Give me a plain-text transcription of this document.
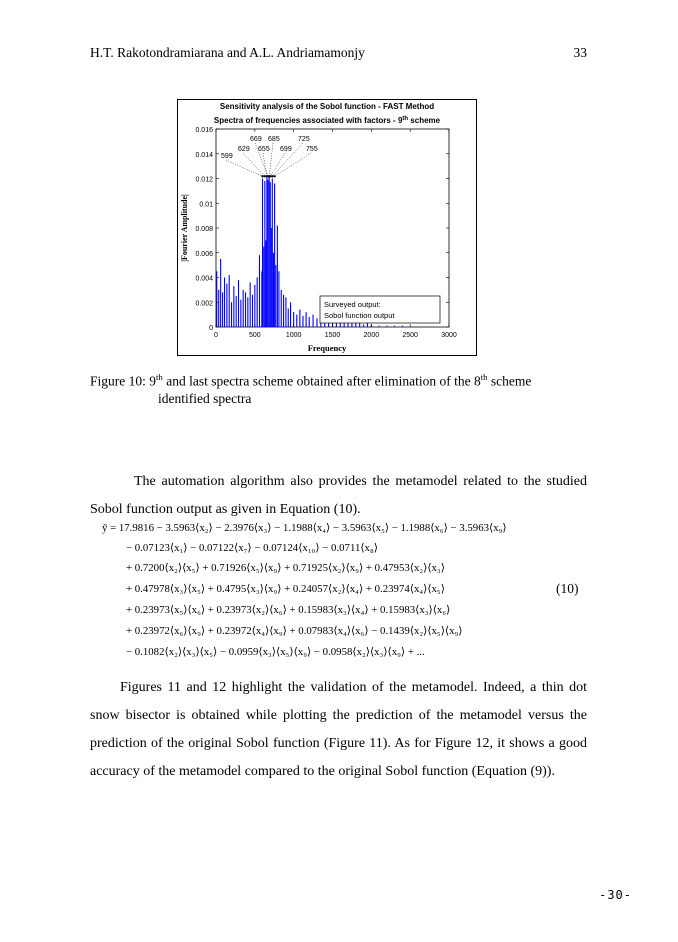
H.T. Rakotondramiarana and A.L. Andriamamonjy	33
Sensitivity analysis of the Sobol function - FAST Method
Spectra of frequencies associated with factors - 9th scheme
0
0.002
0.004
0.006
0.008
0.01
0.012
0.014
0.016
0	500	1000	1500	2000	2500	3000
599
629 655
669 685
699
725
755
Frequency
|Fourier Amplitude|
Surveyed output:
Sobol function output
Figure 10: 9th and last spectra scheme obtained after elimination of the 8th scheme
identified spectra
The automation algorithm also provides the metamodel related to the studied Sobol function output as given in Equation (10).
ỹ = 17.9816 − 3.5963⟨x₂⟩ − 2.3976⟨x₃⟩ − 1.1988⟨x₄⟩ − 3.5963⟨x₅⟩ − 1.1988⟨x₆⟩ − 3.5963⟨x₉⟩
− 0.07123⟨x₁⟩ − 0.07122⟨x₇⟩ − 0.07124⟨x₁₀⟩ − 0.0711⟨x₈⟩
+ 0.7200⟨x₂⟩⟨x₅⟩ + 0.71926⟨x₅⟩⟨x₉⟩ + 0.71925⟨x₂⟩⟨x₉⟩ + 0.47953⟨x₂⟩⟨x₃⟩
+ 0.47978⟨x₃⟩⟨x₅⟩ + 0.4795⟨x₃⟩⟨x₉⟩ + 0.24057⟨x₂⟩⟨x₄⟩ + 0.23974⟨x₄⟩⟨x₅⟩
+ 0.23973⟨x₅⟩⟨x₆⟩ + 0.23973⟨x₂⟩⟨x₆⟩ + 0.15983⟨x₃⟩⟨x₄⟩ + 0.15983⟨x₃⟩⟨x₆⟩
+ 0.23972⟨x₆⟩⟨x₉⟩ + 0.23972⟨x₄⟩⟨x₉⟩ + 0.07983⟨x₄⟩⟨x₆⟩ − 0.1439⟨x₂⟩⟨x₅⟩⟨x₉⟩
− 0.1082⟨x₂⟩⟨x₃⟩⟨x₅⟩ − 0.0959⟨x₃⟩⟨x₅⟩⟨x₉⟩ − 0.0958⟨x₂⟩⟨x₃⟩⟨x₉⟩ + ...
(10)
Figures 11 and 12 highlight the validation of the metamodel. Indeed, a thin dot snow bisector is obtained while plotting the prediction of the metamodel versus the prediction of the original Sobol function (Figure 11). As for Figure 12, it shows a good accuracy of the metamodel compared to the original Sobol function (Equation (9)).
-30-
